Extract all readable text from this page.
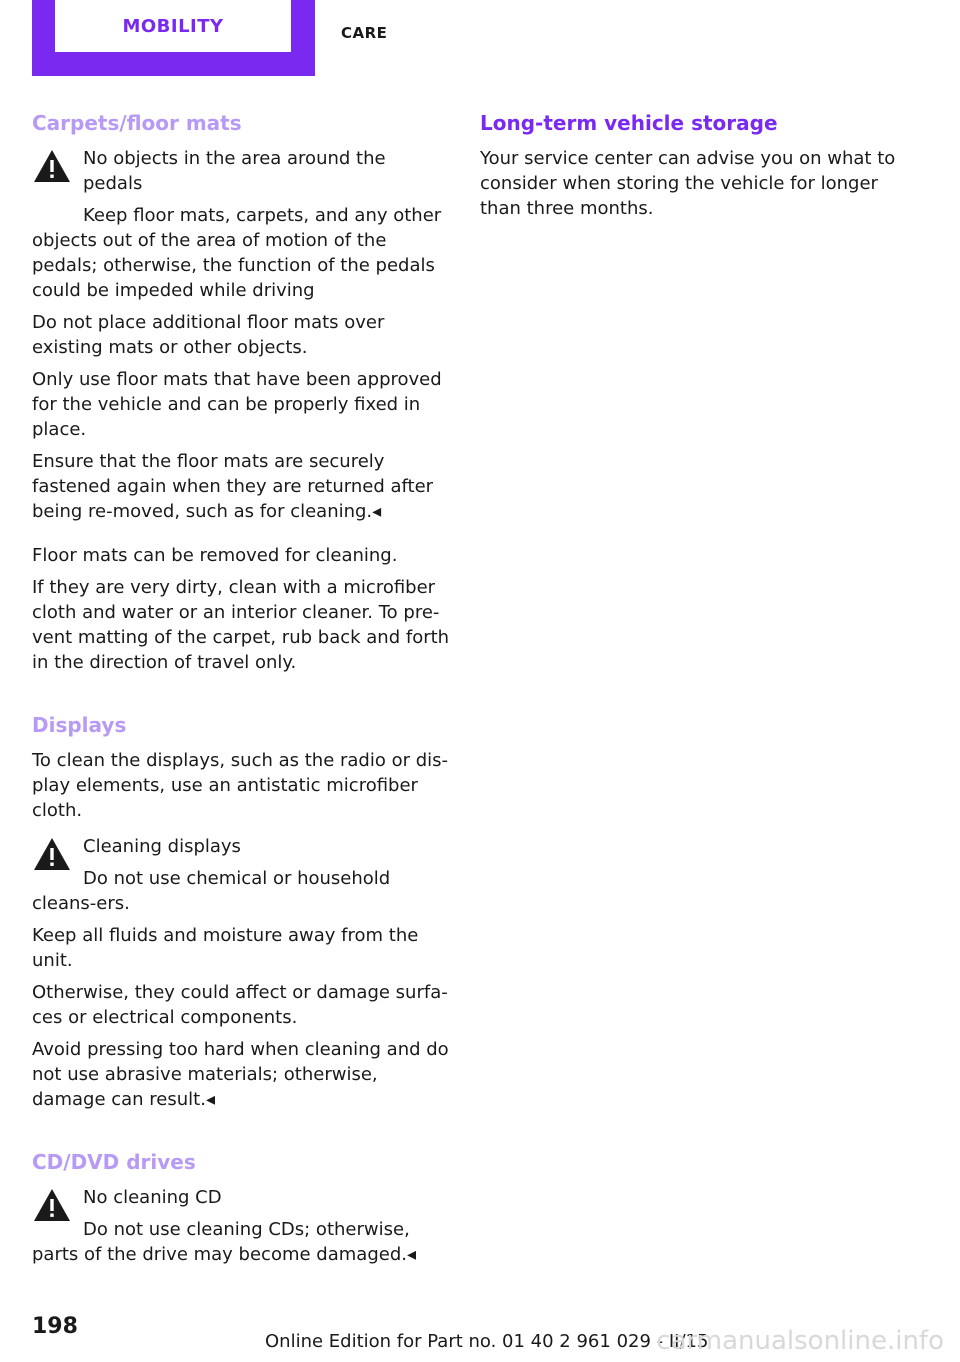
MOBILITY	CARE
Carpets/floor mats

No objects in the area around the pedals

Keep floor mats, carpets, and any other objects out of the area of motion of the pedals; otherwise, the function of the pedals could be impeded while driving

Do not place additional floor mats over existing mats or other objects.

Only use floor mats that have been approved for the vehicle and can be properly fixed in place.

Ensure that the floor mats are securely fastened again when they are returned after being re-moved, such as for cleaning.◂

Floor mats can be removed for cleaning.

If they are very dirty, clean with a microfiber cloth and water or an interior cleaner. To pre-vent matting of the carpet, rub back and forth in the direction of travel only.

Displays

To clean the displays, such as the radio or dis-play elements, use an antistatic microfiber cloth.

Cleaning displays

Do not use chemical or household cleans-ers.

Keep all fluids and moisture away from the unit.

Otherwise, they could affect or damage surfa-ces or electrical components.

Avoid pressing too hard when cleaning and do not use abrasive materials; otherwise, damage can result.◂

CD/DVD drives

No cleaning CD

Do not use cleaning CDs; otherwise, parts of the drive may become damaged.◂

Long-term vehicle storage

Your service center can advise you on what to consider when storing the vehicle for longer than three months.

198
Online Edition for Part no. 01 40 2 961 029 - II/15
carmanualsonline.info
